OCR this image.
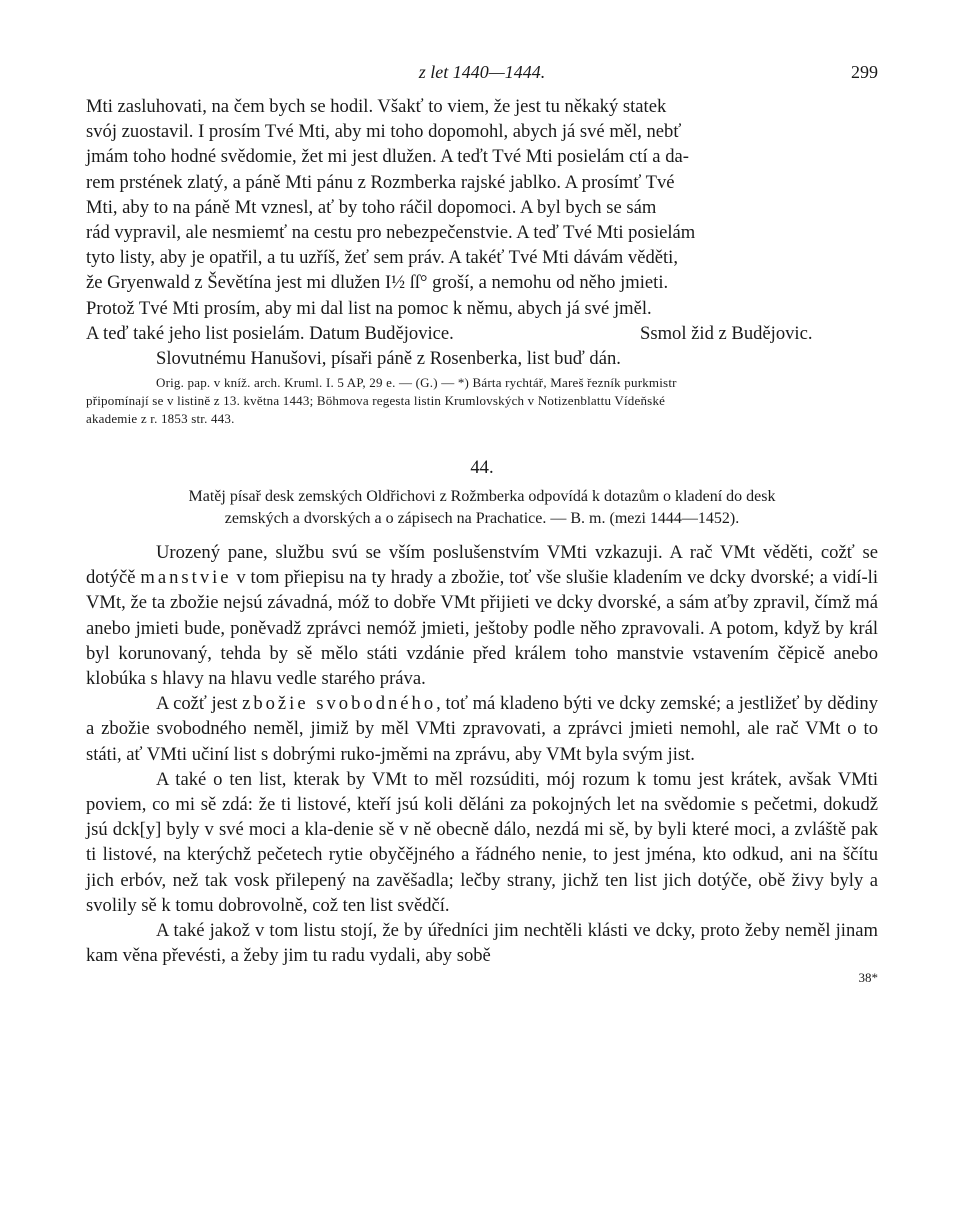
z let 1440—1444.	299
Mti zasluhovati, na čem bych se hodil. Všakť to viem, že jest tu někaký statek
svój zuostavil. I prosím Tvé Mti, aby mi toho dopomohl, abych já své měl, nebť
jmám toho hodné svědomie, žet mi jest dlužen. A teďt Tvé Mti posielám ctí a da-
rem prstének zlatý, a páně Mti pánu z Rozmberka rajské jablko. A prosímť Tvé
Mti, aby to na páně Mt vznesl, ať by toho ráčil dopomoci. A byl bych se sám
rád vypravil, ale nesmiemť na cestu pro nebezpečenstvie. A teď Tvé Mti posielám
tyto listy, aby je opatřil, a tu uzříš, žeť sem práv. A takéť Tvé Mti dávám věděti,
že Gryenwald z Ševětína jest mi dlužen I½ ſſ° groší, a nemohu od něho jmieti.
Protož Tvé Mti prosím, aby mi dal list na pomoc k němu, abych já své jměl.
A teď také jeho list posielám. Datum Budějovice.	Ssmol žid z Budějovic.
Slovutnému Hanušovi, písaři páně z Rosenberka, list buď dán.
Orig. pap. v kníž. arch. Kruml. I. 5 AP, 29 e. — (G.) — *) Bárta rychtář, Mareš řezník purkmistr
připomínají se v listině z 13. května 1443; Böhmova regesta listin Krumlovských v Notizenblattu Vídeňské
akademie z r. 1853 str. 443.
44.
Matěj písař desk zemských Oldřichovi z Rožmberka odpovídá k dotazům o kladení do desk
zemských a dvorských a o zápisech na Prachatice. — B. m. (mezi 1444—1452).

Urozený pane, službu svú se vším poslušenstvím VMti vzkazuji. A rač VMt věděti, cožť se dotýčě manstvie v tom přiepisu na ty hrady a zbožie, toť vše slušie kladením ve dcky dvorské; a vidí-li VMt, že ta zbožie nejsú závadná, móž to dobře VMt přijieti ve dcky dvorské, a sám aťby zpravil, čímž má anebo jmieti bude, poněvadž zprávci nemóž jmieti, ještoby podle něho zpravovali. A potom, když by král byl korunovaný, tehda by sě mělo státi vzdánie před králem toho manstvie vstavením čěpicě anebo klobúka s hlavy na hlavu vedle starého práva.

A cožť jest zbožie svobodného, toť má kladeno býti ve dcky zemské; a jestližeť by dědiny a zbožie svobodného neměl, jimiž by měl VMti zpravovati, a zprávci jmieti nemohl, ale rač VMt o to státi, ať VMti učiní list s dobrými ruko-jměmi na zprávu, aby VMt byla svým jist.

A také o ten list, kterak by VMt to měl rozsúditi, mój rozum k tomu jest krátek, avšak VMti poviem, co mi sě zdá: že ti listové, kteří jsú koli děláni za pokojných let na svědomie s pečetmi, dokudž jsú dck[y] byly v své moci a kla-denie sě v ně obecně dálo, nezdá mi sě, by byli které moci, a zvláště pak ti listové, na kterýchž pečetech rytie obyčějného a řádného nenie, to jest jména, kto odkud, ani na ščítu jich erbóv, než tak vosk přilepený na zavěšadla; lečby strany, jichž ten list jich dotýče, obě živy byly a svolily sě k tomu dobrovolně, což ten list svědčí.

A také jakož v tom listu stojí, že by úředníci jim nechtěli klásti ve dcky, proto žeby neměl jinam kam věna převésti, a žeby jim tu radu vydali, aby sobě

38*
